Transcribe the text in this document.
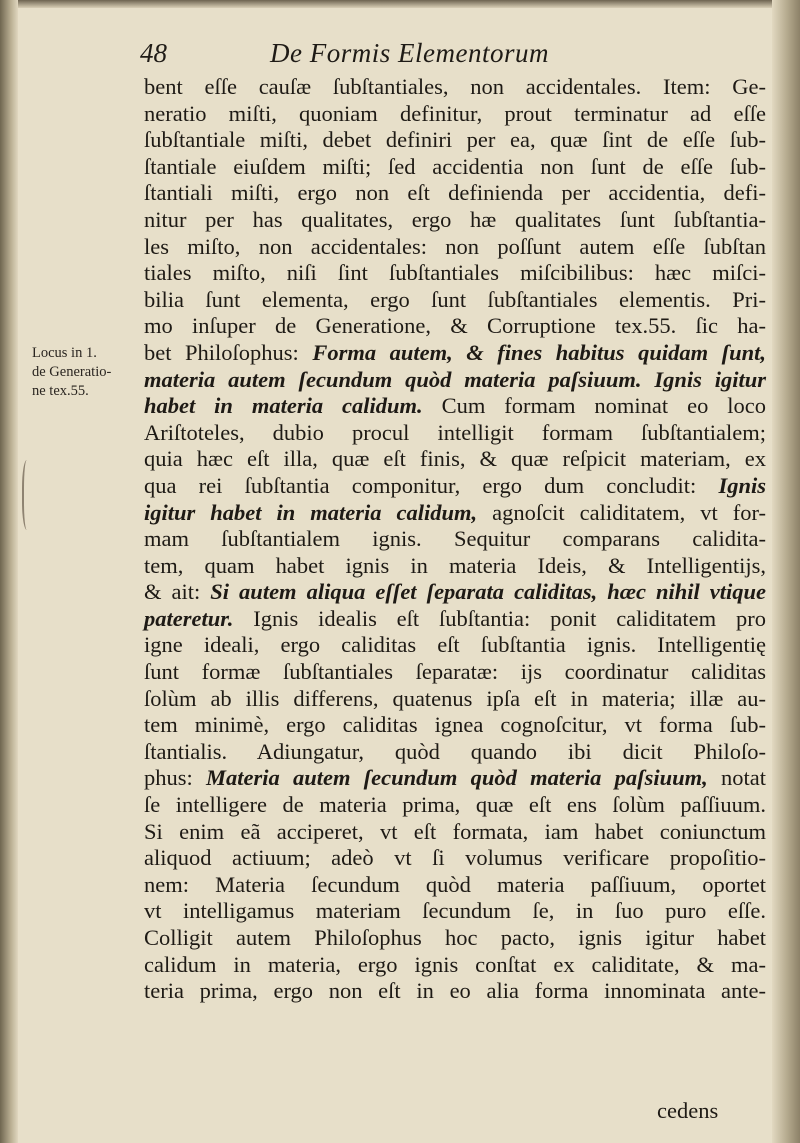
48	De Formis Elementorum
Locus in 1.
de Generatio-
ne tex.55.
bent eſſe cauſæ ſubſtantiales, non accidentales. Item: Ge-
neratio miſti, quoniam definitur, prout terminatur ad eſſe
ſubſtantiale miſti, debet definiri per ea, quæ ſint de eſſe ſub-
ſtantiale eiuſdem miſti; ſed accidentia non ſunt de eſſe ſub-
ſtantiali miſti, ergo non eſt definienda per accidentia, defi-
nitur per has qualitates, ergo hæ qualitates ſunt ſubſtantia-
les miſto, non accidentales: non poſſunt autem eſſe ſubſtan
tiales miſto, niſi ſint ſubſtantiales miſcibilibus: hæc miſci-
bilia ſunt elementa, ergo ſunt ſubſtantiales elementis. Pri-
mo inſuper de Generatione, & Corruptione tex.55. ſic ha-
bet Philoſophus: Forma autem, & fines habitus quidam ſunt,
materia autem ſecundum quòd materia paſsiuum. Ignis igitur
habet in materia calidum. Cum formam nominat eo loco
Ariſtoteles, dubio procul intelligit formam ſubſtantialem;
quia hæc eſt illa, quæ eſt finis, & quæ reſpicit materiam, ex
qua rei ſubſtantia componitur, ergo dum concludit: Ignis
igitur habet in materia calidum, agnoſcit caliditatem, vt for-
mam ſubſtantialem ignis. Sequitur comparans calidita-
tem, quam habet ignis in materia Ideis, & Intelligentijs,
& ait: Si autem aliqua eſſet ſeparata caliditas, hæc nihil vtique
pateretur. Ignis idealis eſt ſubſtantia: ponit caliditatem pro
igne ideali, ergo caliditas eſt ſubſtantia ignis. Intelligentię
ſunt formæ ſubſtantiales ſeparatæ: ijs coordinatur caliditas
ſolùm ab illis differens, quatenus ipſa eſt in materia; illæ au-
tem minimè, ergo caliditas ignea cognoſcitur, vt forma ſub-
ſtantialis. Adiungatur, quòd quando ibi dicit Philoſo-
phus: Materia autem ſecundum quòd materia paſsiuum, notat
ſe intelligere de materia prima, quæ eſt ens ſolùm paſſiuum.
Si enim eã acciperet, vt eſt formata, iam habet coniunctum
aliquod actiuum; adeò vt ſi volumus verificare propoſitio-
nem: Materia ſecundum quòd materia paſſiuum, oportet
vt intelligamus materiam ſecundum ſe, in ſuo puro eſſe.
Colligit autem Philoſophus hoc pacto, ignis igitur habet
calidum in materia, ergo ignis conſtat ex caliditate, & ma-
teria prima, ergo non eſt in eo alia forma innominata ante-
cedens
